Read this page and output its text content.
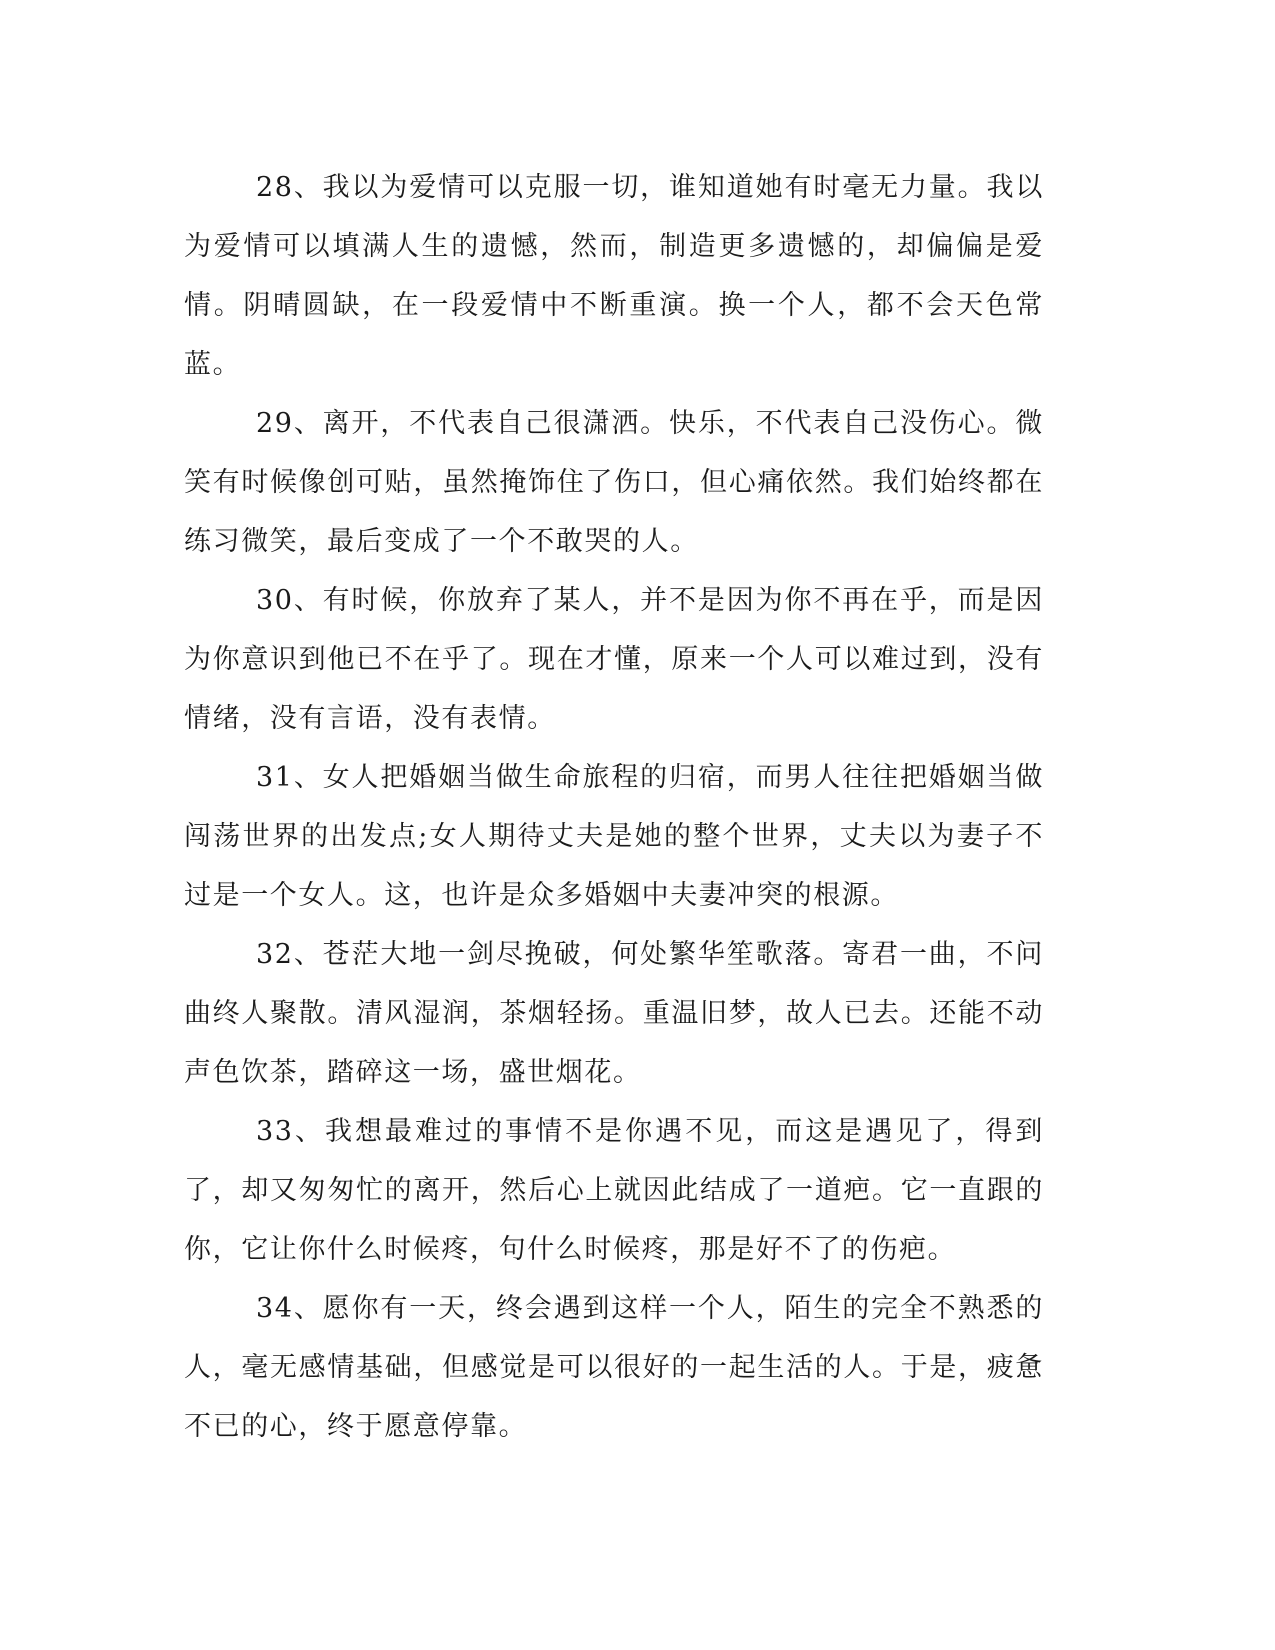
28、我以为爱情可以克服一切，谁知道她有时毫无力量。我以为爱情可以填满人生的遗憾，然而，制造更多遗憾的，却偏偏是爱情。阴晴圆缺，在一段爱情中不断重演。换一个人，都不会天色常蓝。

29、离开，不代表自己很潇洒。快乐，不代表自己没伤心。微笑有时候像创可贴，虽然掩饰住了伤口，但心痛依然。我们始终都在练习微笑，最后变成了一个不敢哭的人。

30、有时候，你放弃了某人，并不是因为你不再在乎，而是因为你意识到他已不在乎了。现在才懂，原来一个人可以难过到，没有情绪，没有言语，没有表情。

31、女人把婚姻当做生命旅程的归宿，而男人往往把婚姻当做闯荡世界的出发点;女人期待丈夫是她的整个世界，丈夫以为妻子不过是一个女人。这，也许是众多婚姻中夫妻冲突的根源。

32、苍茫大地一剑尽挽破，何处繁华笙歌落。寄君一曲，不问曲终人聚散。清风湿润，茶烟轻扬。重温旧梦，故人已去。还能不动声色饮茶，踏碎这一场，盛世烟花。

33、我想最难过的事情不是你遇不见，而这是遇见了，得到了，却又匆匆忙的离开，然后心上就因此结成了一道疤。它一直跟的你，它让你什么时候疼，句什么时候疼，那是好不了的伤疤。

34、愿你有一天，终会遇到这样一个人，陌生的完全不熟悉的人，毫无感情基础，但感觉是可以很好的一起生活的人。于是，疲惫不已的心，终于愿意停靠。
